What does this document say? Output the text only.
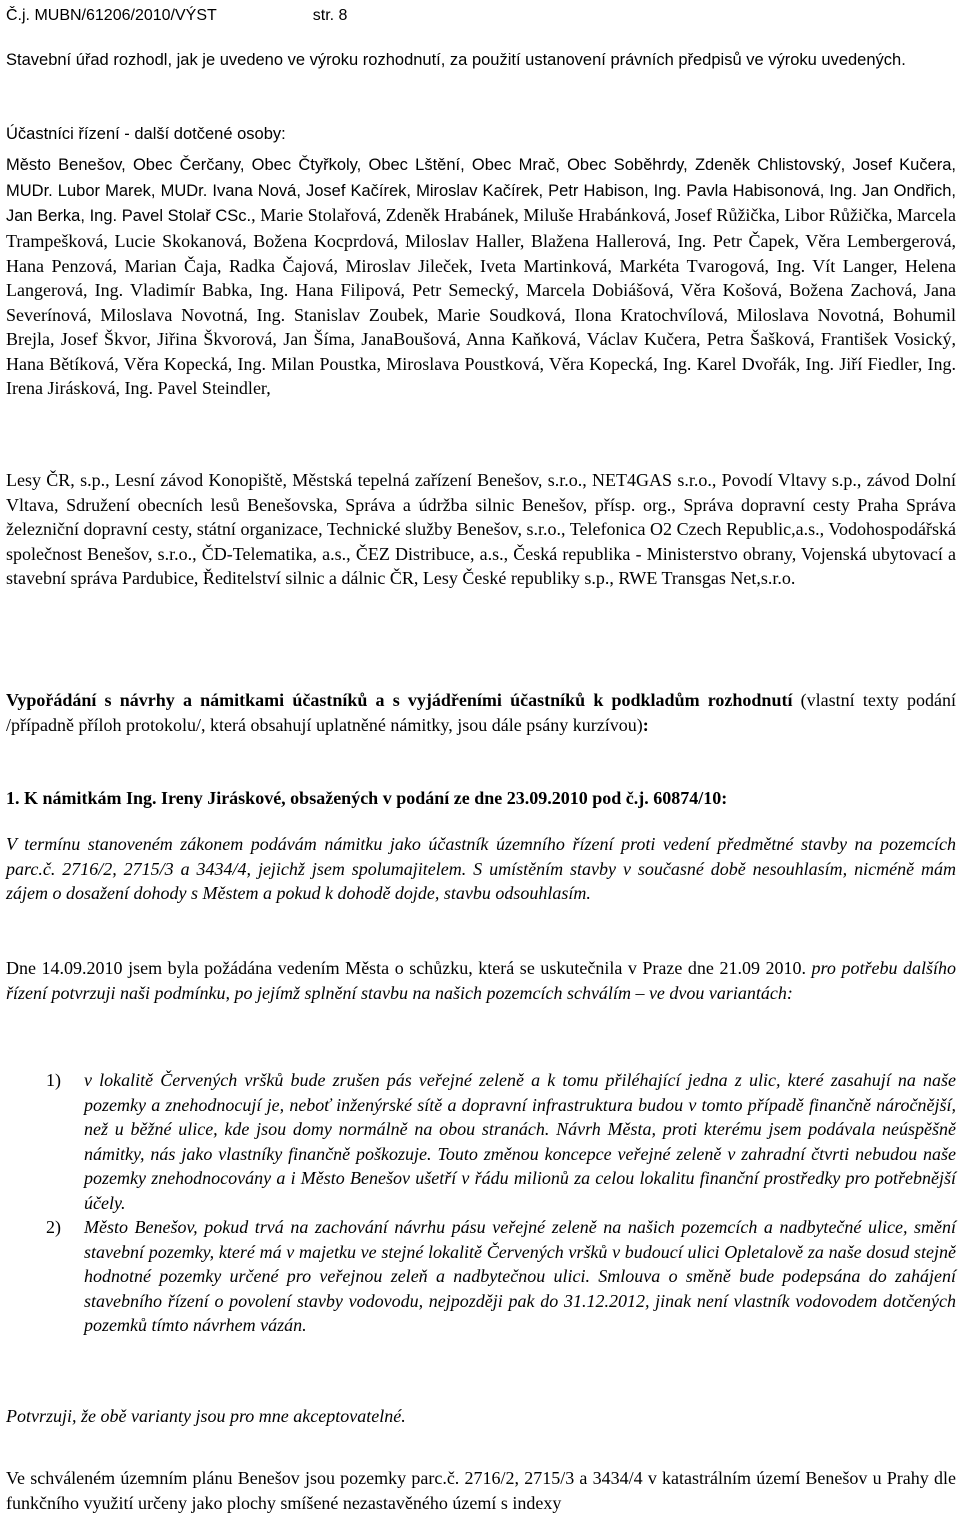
Č.j. MUBN/61206/2010/VÝST	str. 8

Stavební úřad rozhodl, jak je uvedeno ve výroku rozhodnutí, za použití ustanovení právních předpisů ve výroku uvedených.

Účastníci řízení - další dotčené osoby:

Město Benešov, Obec Čerčany, Obec Čtyřkoly, Obec Lštění, Obec Mrač, Obec Soběhrdy, Zdeněk Chlistovský, Josef Kučera, MUDr. Lubor Marek, MUDr. Ivana Nová, Josef Kačírek, Miroslav Kačírek, Petr Habison, Ing. Pavla Habisonová, Ing. Jan Ondřich, Jan Berka, Ing. Pavel Stolař CSc., Marie Stolařová, Zdeněk Hrabánek, Miluše Hrabánková, Josef Růžička, Libor Růžička, Marcela Trampešková, Lucie Skokanová, Božena Kocprdová, Miloslav Haller, Blažena Hallerová, Ing. Petr Čapek, Věra Lembergerová, Hana Penzová, Marian Čaja, Radka Čajová, Miroslav Jileček, Iveta Martinková, Markéta Tvarogová, Ing. Vít Langer, Helena Langerová, Ing. Vladimír Babka, Ing. Hana Filipová, Petr Semecký, Marcela Dobiášová, Věra Košová, Božena Zachová, Jana Severínová, Miloslava Novotná, Ing. Stanislav Zoubek, Marie Soudková, Ilona Kratochvílová, Miloslava Novotná, Bohumil Brejla, Josef Škvor, Jiřina Škvorová, Jan Šíma, JanaBoušová, Anna Kaňková, Václav Kučera, Petra Šašková, František Vosický, Hana Bětíková, Věra Kopecká, Ing. Milan Poustka, Miroslava Poustková, Věra Kopecká, Ing. Karel Dvořák, Ing. Jiří Fiedler, Ing. Irena Jirásková, Ing. Pavel Steindler,

Lesy ČR, s.p., Lesní závod Konopiště, Městská tepelná zařízení Benešov, s.r.o., NET4GAS s.r.o., Povodí Vltavy s.p., závod Dolní Vltava, Sdružení obecních lesů Benešovska, Správa a údržba silnic Benešov, přísp. org., Správa dopravní cesty Praha Správa železniční dopravní cesty, státní organizace, Technické služby Benešov, s.r.o., Telefonica O2 Czech Republic,a.s., Vodohospodářská společnost Benešov, s.r.o., ČD-Telematika, a.s., ČEZ Distribuce, a.s., Česká republika - Ministerstvo obrany, Vojenská ubytovací a stavební správa Pardubice, Ředitelství silnic a dálnic ČR, Lesy České republiky s.p., RWE Transgas Net,s.r.o.

Vypořádání s návrhy a námitkami účastníků a s vyjádřeními účastníků k podkladům rozhodnutí (vlastní texty podání /případně příloh protokolu/, která obsahují uplatněné námitky, jsou dále psány kurzívou):

1. K námitkám Ing. Ireny Jiráskové, obsažených v podání ze dne 23.09.2010 pod č.j. 60874/10:

V termínu stanoveném zákonem podávám námitku jako účastník územního řízení proti vedení předmětné stavby na pozemcích parc.č. 2716/2, 2715/3 a 3434/4, jejichž jsem spolumajitelem. S umístěním stavby v současné době nesouhlasím, nicméně mám zájem o dosažení dohody s Městem a pokud k dohodě dojde, stavbu odsouhlasím.

Dne 14.09.2010 jsem byla požádána vedením Města o schůzku, která se uskutečnila v Praze dne 21.09 2010. pro potřebu dalšího řízení potvrzuji naši podmínku, po jejímž splnění stavbu na našich pozemcích schválím – ve dvou variantách:

1)	v lokalitě Červených vršků bude zrušen pás veřejné zeleně a k tomu přiléhající jedna z ulic, které zasahují na naše pozemky a znehodnocují je, neboť inženýrské sítě a dopravní infrastruktura budou v tomto případě finančně náročnější, než u běžné ulice, kde jsou domy normálně na obou stranách. Návrh Města, proti kterému jsem podávala neúspěšně námitky, nás jako vlastníky finančně poškozuje. Touto změnou koncepce veřejné zeleně v zahradní čtvrti nebudou naše pozemky znehodnocovány a i Město Benešov ušetří v řádu milionů za celou lokalitu finanční prostředky pro potřebnější účely.
2)	Město Benešov, pokud trvá na zachování návrhu pásu veřejné zeleně na našich pozemcích a nadbytečné ulice, smění stavební pozemky, které má v majetku ve stejné lokalitě Červených vršků v budoucí ulici Opletalově za naše dosud stejně hodnotné pozemky určené pro veřejnou zeleň a nadbytečnou ulici. Smlouva o směně bude podepsána do zahájení stavebního řízení o povolení stavby vodovodu, nejpozději pak do 31.12.2012, jinak není vlastník vodovodem dotčených pozemků tímto návrhem vázán.

Potvrzuji, že obě varianty jsou pro mne akceptovatelné.

Ve schváleném územním plánu Benešov jsou pozemky parc.č. 2716/2, 2715/3 a 3434/4 v katastrálním území Benešov u Prahy dle funkčního využití určeny jako plochy smíšené nezastavěného území s indexy
